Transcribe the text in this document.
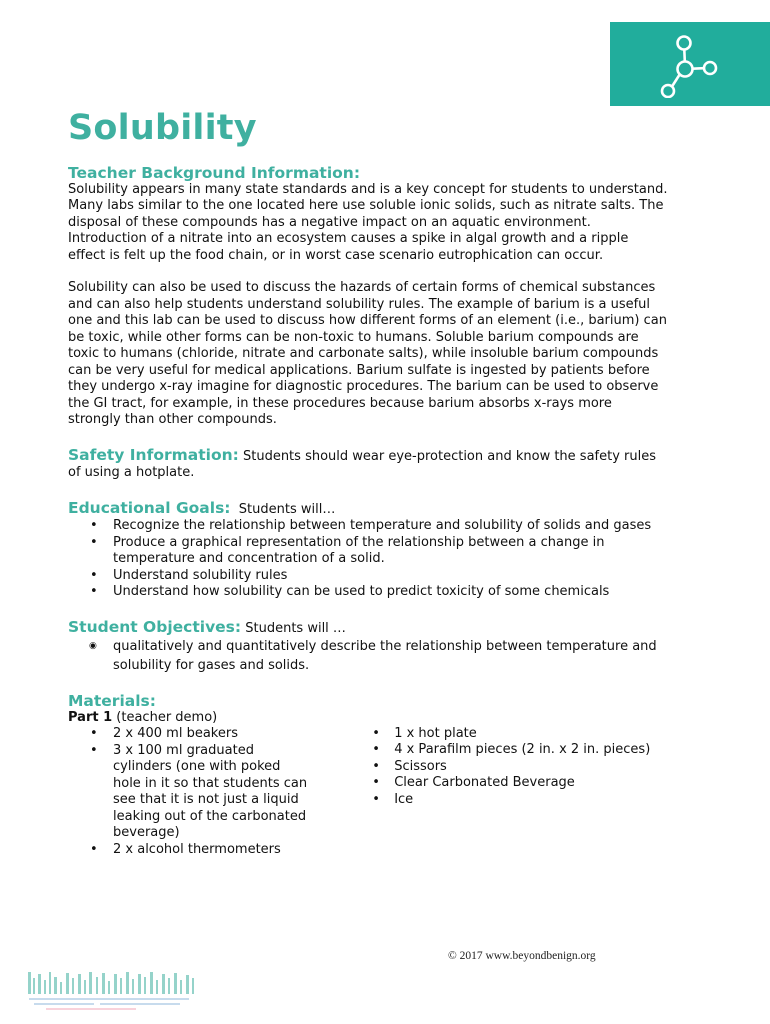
Solubility
Teacher Background Information:

Solubility appears in many state standards and is a key concept for students to understand. Many labs similar to the one located here use soluble ionic solids, such as nitrate salts. The disposal of these compounds has a negative impact on an aquatic environment. Introduction of a nitrate into an ecosystem causes a spike in algal growth and a ripple effect is felt up the food chain, or in worst case scenario eutrophication can occur.

Solubility can also be used to discuss the hazards of certain forms of chemical substances and can also help students understand solubility rules. The example of barium is a useful one and this lab can be used to discuss how different forms of an element (i.e., barium) can be toxic, while other forms can be non-toxic to humans. Soluble barium compounds are toxic to humans (chloride, nitrate and carbonate salts), while insoluble barium compounds can be very useful for medical applications. Barium sulfate is ingested by patients before they undergo x-ray imagine for diagnostic procedures. The barium can be used to observe the GI tract, for example, in these procedures because barium absorbs x-rays more strongly than other compounds.

Safety Information: Students should wear eye-protection and know the safety rules of using a hotplate.

Educational Goals: Students will…

• Recognize the relationship between temperature and solubility of solids and gases
• Produce a graphical representation of the relationship between a change in temperature and concentration of a solid.
• Understand solubility rules
• Understand how solubility can be used to predict toxicity of some chemicals

Student Objectives: Students will …

◉ qualitatively and quantitatively describe the relationship between temperature and solubility for gases and solids.
Materials:
Part 1 (teacher demo)
• 2 x 400 ml beakers
• 3 x 100 ml graduated cylinders (one with poked hole in it so that students can see that it is not just a liquid leaking out of the carbonated beverage)
• 2 x alcohol thermometers
• 1 x hot plate
• 4 x Parafilm pieces (2 in. x 2 in. pieces)
• Scissors
• Clear Carbonated Beverage
• Ice
© 2017 www.beyondbenign.org
